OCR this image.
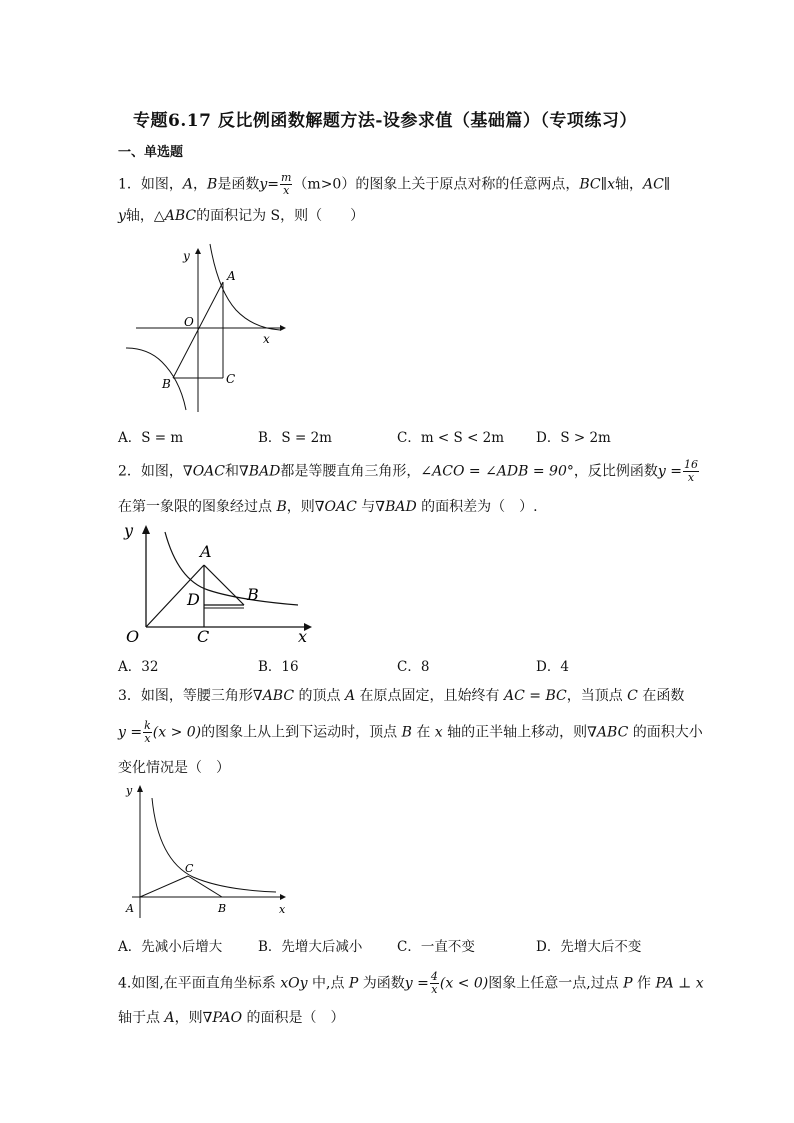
专题6.17 反比例函数解题方法-设参求值（基础篇）（专项练习）
一、单选题
1．如图，A，B是函数$y= \frac{m}{x} (m>0)$的图象上关于原点对称的任意两点，BC∥x轴，AC∥
y轴，△ABC的面积记为 S，则（　　）
y
x
O
A
B	C
A．S = m	B．S = 2m	C．m < S < 2m D．S > 2m
2．如图，∇OAC和∇BAD都是等腰直角三角形，∠ACO = ∠ADB = 90°，反比例函数$y = \frac{16}{x}$
在第一象限的图象经过点 B，则∇OAC 与∇BAD 的面积差为（　）.
y
x
O
A
B
C
D
A．32	B．16	C．8	D．4
3．如图，等腰三角形∇ABC 的顶点 A 在原点固定，且始终有 AC = BC，当顶点 C 在函数
$y = \frac{k}{x} (x > 0)$的图象上从上到下运动时，顶点 B 在 x 轴的正半轴上移动，则∇ABC 的面积大小
变化情况是（　）
y
x
A	B
C
A．先减小后增大	B．先增大后减小	C．一直不变	D．先增大后不变
4.如图,在平面直角坐标系 xOy 中,点 P 为函数$y = \frac{4}{x} (x < 0)$图象上任意一点,过点 P 作 PA ⊥ x
轴于点 A，则∇PAO 的面积是（　）
